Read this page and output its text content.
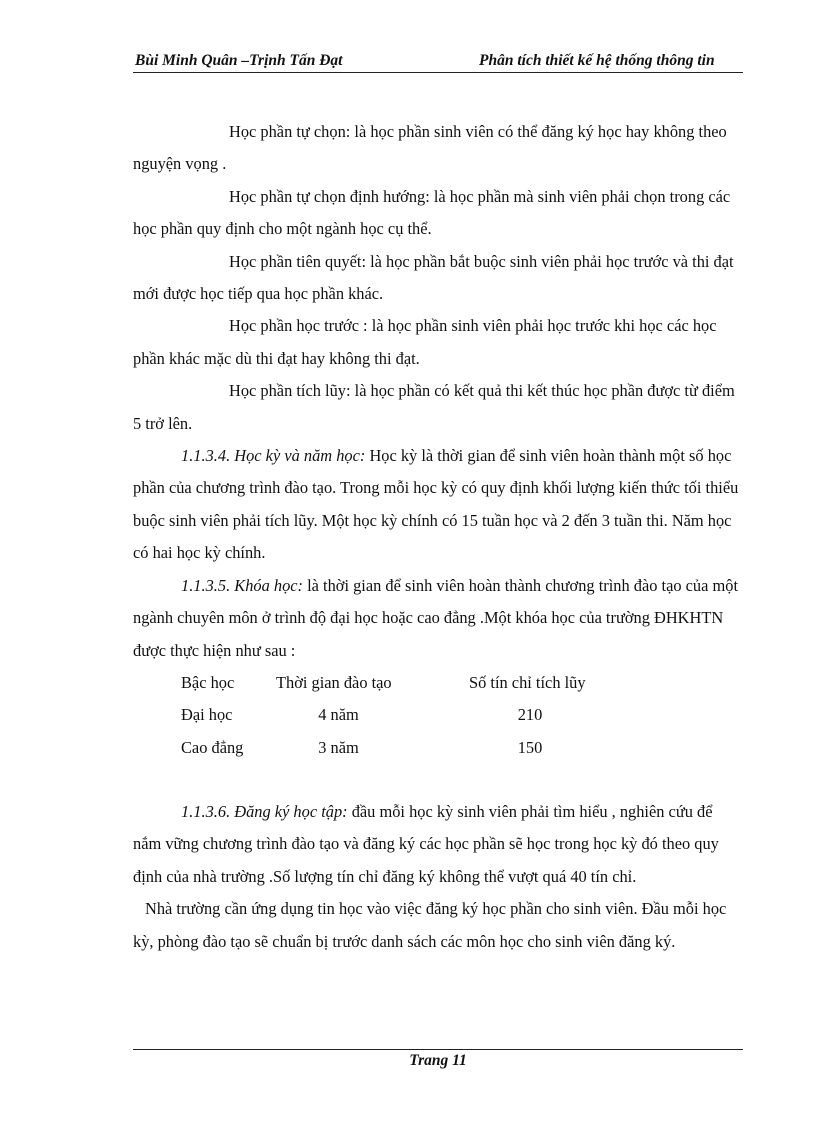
Bùi Minh Quân –Trịnh Tấn Đạt	Phân tích thiết kế hệ thống thông tin

Học phần tự chọn: là học phần sinh viên có thể đăng ký học hay không theo nguyện vọng .

Học phần tự chọn định hướng: là học phần mà sinh viên phải chọn trong các học phần quy định cho một ngành học cụ thể.

Học phần tiên quyết: là học phần bắt buộc sinh viên phải học trước và thi đạt mới được học tiếp qua học phần khác.

Học phần học trước : là học phần sinh viên phải học trước khi học các học phần khác mặc dù thi đạt hay không thi đạt.

Học phần tích lũy: là học phần có kết quả thi kết thúc học phần được từ điểm 5 trở lên.

1.1.3.4. Học kỳ và năm học: Học kỳ là thời gian để sinh viên hoàn thành một số học phần của chương trình đào tạo. Trong mỗi học kỳ có quy định khối lượng kiến thức tối thiểu buộc sinh viên phải tích lũy. Một học kỳ chính có 15 tuần học và 2 đến 3 tuần thi. Năm học có hai học kỳ chính.

1.1.3.5. Khóa học: là thời gian để sinh viên hoàn thành chương trình đào tạo của một ngành chuyên môn ở trình độ đại học hoặc cao đẳng .Một khóa học của trường ĐHKHTN được thực hiện như sau :

Bậc học	Thời gian đào tạo	Số tín chỉ tích lũy
Đại học	4 năm	210
Cao đẳng	3 năm	150

1.1.3.6. Đăng ký học tập: đầu mỗi học kỳ sinh viên phải tìm hiểu , nghiên cứu để nắm vững chương trình đào tạo và đăng ký các học phần sẽ học trong học kỳ đó theo quy định của nhà trường .Số lượng tín chỉ đăng ký không thể vượt quá 40 tín chỉ.

Nhà trường cần ứng dụng tin học vào việc đăng ký học phần cho sinh viên. Đầu mỗi học kỳ, phòng đào tạo sẽ chuẩn bị trước danh sách các môn học cho sinh viên đăng ký.

Trang 11
